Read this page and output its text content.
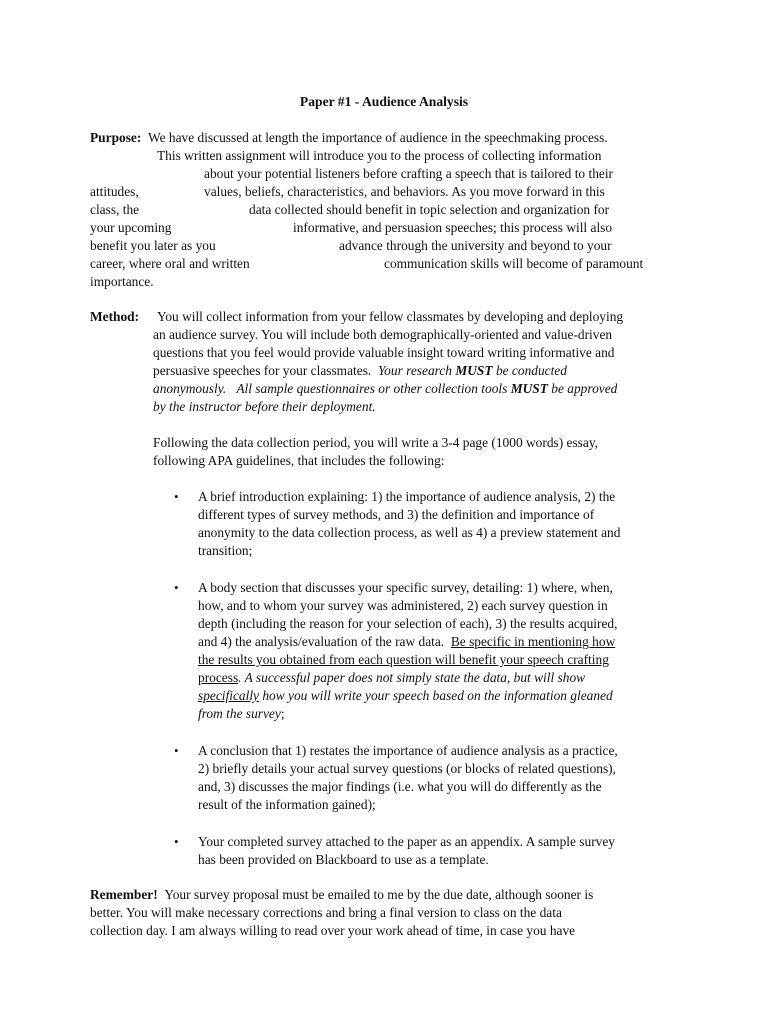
Paper #1 - Audience Analysis
Purpose: We have discussed at length the importance of audience in the speechmaking process.
This written assignment will introduce you to the process of collecting information
about your potential listeners before crafting a speech that is tailored to their
attitudes,	values, beliefs, characteristics, and behaviors. As you move forward in this
class, the	data collected should benefit in topic selection and organization for
your upcoming	informative, and persuasion speeches; this process will also
benefit you later as you	advance through the university and beyond to your
career, where oral and written	communication skills will become of paramount
importance.
Method: You will collect information from your fellow classmates by developing and deploying
an audience survey. You will include both demographically-oriented and value-driven
questions that you feel would provide valuable insight toward writing informative and
persuasive speeches for your classmates. Your research MUST be conducted
anonymously. All sample questionnaires or other collection tools MUST be approved
by the instructor before their deployment.
Following the data collection period, you will write a 3-4 page (1000 words) essay,
following APA guidelines, that includes the following:
• A brief introduction explaining: 1) the importance of audience analysis, 2) the
different types of survey methods, and 3) the definition and importance of
anonymity to the data collection process, as well as 4) a preview statement and
transition;
• A body section that discusses your specific survey, detailing: 1) where, when,
how, and to whom your survey was administered, 2) each survey question in
depth (including the reason for your selection of each), 3) the results acquired,
and 4) the analysis/evaluation of the raw data. Be specific in mentioning how
the results you obtained from each question will benefit your speech crafting
process. A successful paper does not simply state the data, but will show
specifically how you will write your speech based on the information gleaned
from the survey;
• A conclusion that 1) restates the importance of audience analysis as a practice,
2) briefly details your actual survey questions (or blocks of related questions),
and, 3) discusses the major findings (i.e. what you will do differently as the
result of the information gained);
• Your completed survey attached to the paper as an appendix. A sample survey
has been provided on Blackboard to use as a template.
Remember! Your survey proposal must be emailed to me by the due date, although sooner is
better. You will make necessary corrections and bring a final version to class on the data
collection day. I am always willing to read over your work ahead of time, in case you have
